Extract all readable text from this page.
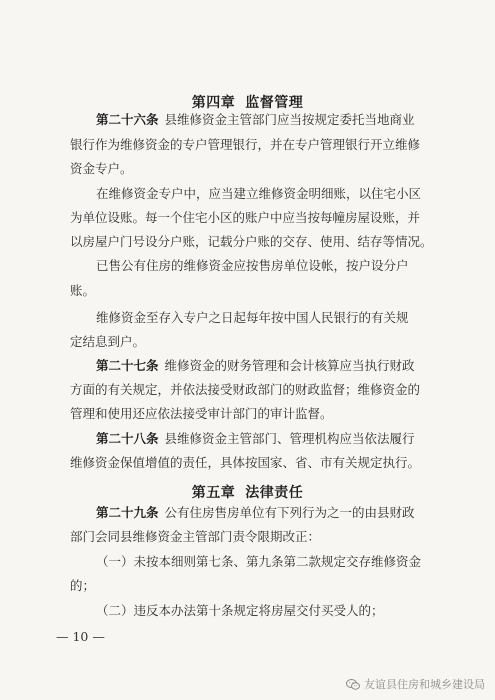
第四章 监督管理
第二十六条 县维修资金主管部门应当按规定委托当地商业
银行作为维修资金的专户管理银行，并在专户管理银行开立维修
资金专户。
在维修资金专户中，应当建立维修资金明细账，以住宅小区
为单位设账。每一个住宅小区的账户中应当按每幢房屋设账，并
以房屋户门号设分户账，记载分户账的交存、使用、结存等情况。
已售公有住房的维修资金应按售房单位设帐，按户设分户
账。
维修资金至存入专户之日起每年按中国人民银行的有关规
定结息到户。
第二十七条 维修资金的财务管理和会计核算应当执行财政
方面的有关规定，并依法接受财政部门的财政监督；维修资金的
管理和使用还应依法接受审计部门的审计监督。
第二十八条 县维修资金主管部门、管理机构应当依法履行
维修资金保值增值的责任，具体按国家、省、市有关规定执行。
第五章 法律责任
第二十九条 公有住房售房单位有下列行为之一的由县财政
部门会同县维修资金主管部门责令限期改正：
（一）未按本细则第七条、第九条第二款规定交存维修资金
的；
（二）违反本办法第十条规定将房屋交付买受人的；
— 10 —
友谊县住房和城乡建设局
